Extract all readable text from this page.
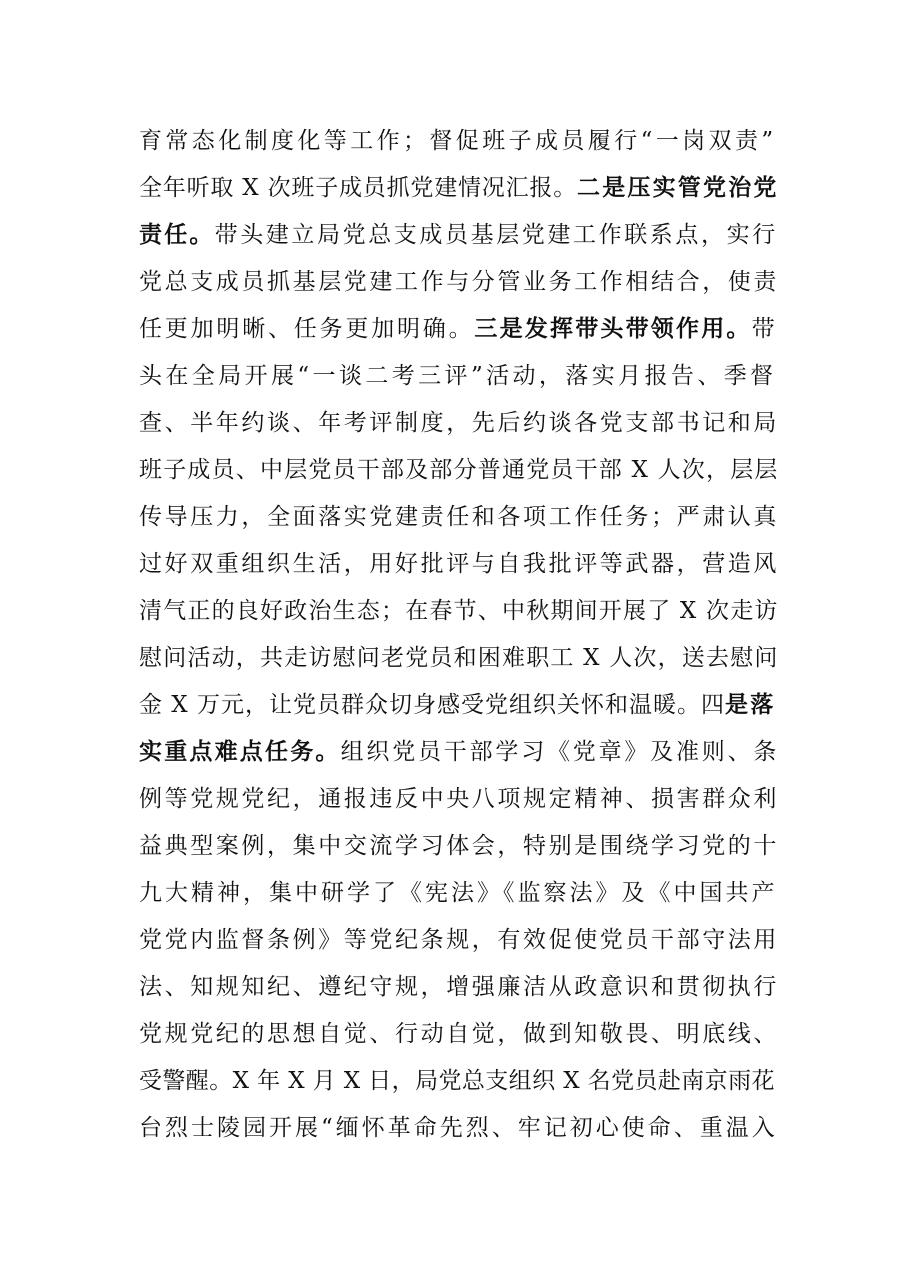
育常态化制度化等工作；督促班子成员履行“一岗双责”
全年听取 X 次班子成员抓党建情况汇报。二是压实管党治党
责任。带头建立局党总支成员基层党建工作联系点，实行
党总支成员抓基层党建工作与分管业务工作相结合，使责
任更加明晰、任务更加明确。三是发挥带头带领作用。带
头在全局开展“一谈二考三评”活动，落实月报告、季督
查、半年约谈、年考评制度，先后约谈各党支部书记和局
班子成员、中层党员干部及部分普通党员干部 X 人次，层层
传导压力，全面落实党建责任和各项工作任务；严肃认真
过好双重组织生活，用好批评与自我批评等武器，营造风
清气正的良好政治生态；在春节、中秋期间开展了 X 次走访
慰问活动，共走访慰问老党员和困难职工 X 人次，送去慰问
金 X 万元，让党员群众切身感受党组织关怀和温暖。四是落
实重点难点任务。组织党员干部学习《党章》及准则、条
例等党规党纪，通报违反中央八项规定精神、损害群众利
益典型案例，集中交流学习体会，特别是围绕学习党的十
九大精神，集中研学了《宪法》《监察法》及《中国共产
党党内监督条例》等党纪条规，有效促使党员干部守法用
法、知规知纪、遵纪守规，增强廉洁从政意识和贯彻执行
党规党纪的思想自觉、行动自觉，做到知敬畏、明底线、
受警醒。X 年 X 月 X 日，局党总支组织 X 名党员赴南京雨花
台烈士陵园开展“缅怀革命先烈、牢记初心使命、重温入
